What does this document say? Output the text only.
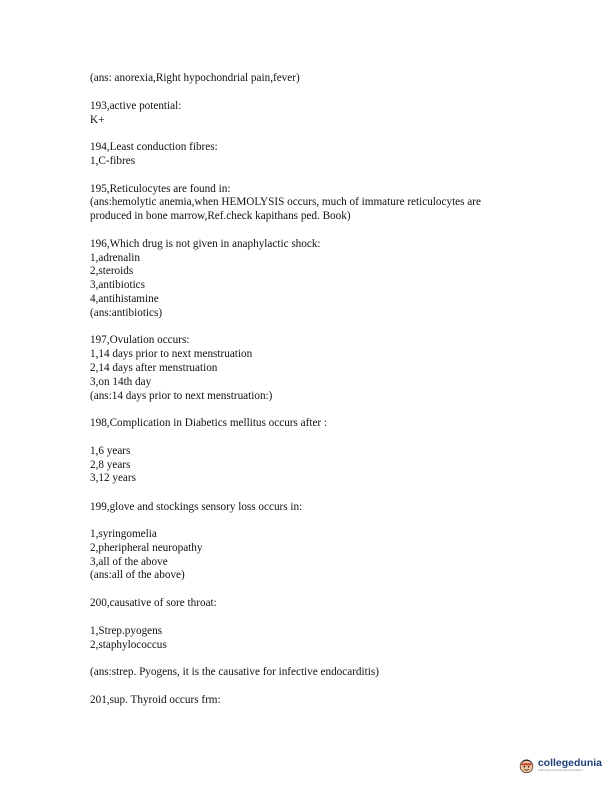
(ans: anorexia,Right hypochondrial pain,fever)
193,active potential:
K+
194,Least conduction fibres:
1,C-fibres
195,Reticulocytes are found in:
(ans:hemolytic anemia,when HEMOLYSIS occurs, much of immature reticulocytes are
produced in bone marrow,Ref.check kapithans ped. Book)
196,Which drug is not given in anaphylactic shock:
1,adrenalin
2,steroids
3,antibiotics
4,antihistamine
(ans:antibiotics)
197,Ovulation occurs:
1,14 days prior to next menstruation
2,14 days after menstruation
3,on 14th day
(ans:14 days prior to next menstruation:)
198,Complication in Diabetics mellitus occurs after :
1,6 years
2,8 years
3,12 years
199,glove and stockings sensory loss occurs in:
1,syringomelia
2,pheripheral neuropathy
3,all of the above
(ans:all of the above)
200,causative of sore throat:
1,Strep.pyogens
2,staphylococcus
(ans:strep. Pyogens, it is the causative for infective endocarditis)
201,sup. Thyroid occurs frm:
collegedunia
India's largest Student Review Platform
